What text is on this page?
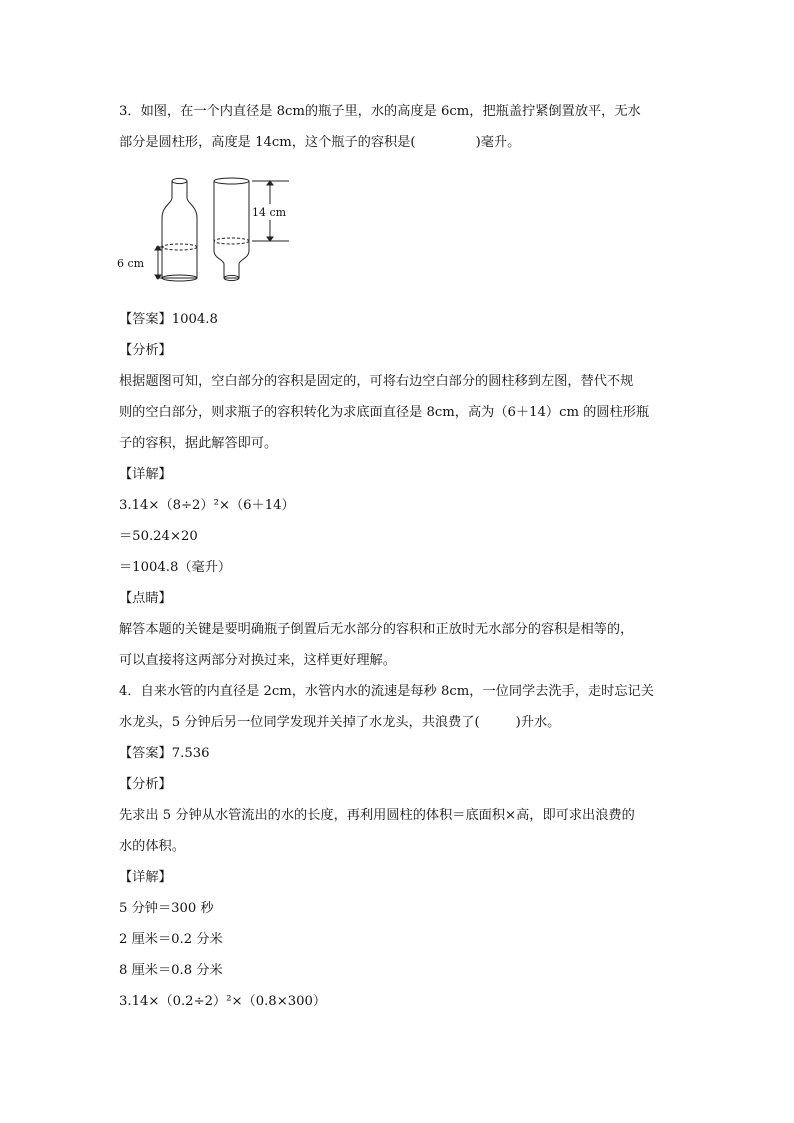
3．如图，在一个内直径是 8cm的瓶子里，水的高度是 6cm，把瓶盖拧紧倒置放平，无水
部分是圆柱形，高度是 14cm，这个瓶子的容积是(	)毫升。
6 cm
14 cm
【答案】1004.8
【分析】
根据题图可知，空白部分的容积是固定的，可将右边空白部分的圆柱移到左图，替代不规
则的空白部分，则求瓶子的容积转化为求底面直径是 8cm，高为（6＋14）cm 的圆柱形瓶
子的容积，据此解答即可。
【详解】
3.14×（8÷2）²×（6＋14）
＝50.24×20
＝1004.8（毫升）
【点睛】
解答本题的关键是要明确瓶子倒置后无水部分的容积和正放时无水部分的容积是相等的，
可以直接将这两部分对换过来，这样更好理解。
4．自来水管的内直径是 2cm，水管内水的流速是每秒 8cm，一位同学去洗手，走时忘记关
水龙头，5 分钟后另一位同学发现并关掉了水龙头，共浪费了(	)升水。
【答案】7.536
【分析】
先求出 5 分钟从水管流出的水的长度，再利用圆柱的体积＝底面积×高，即可求出浪费的
水的体积。
【详解】
5 分钟＝300 秒
2 厘米＝0.2 分米
8 厘米＝0.8 分米
3.14×（0.2÷2）²×（0.8×300）
